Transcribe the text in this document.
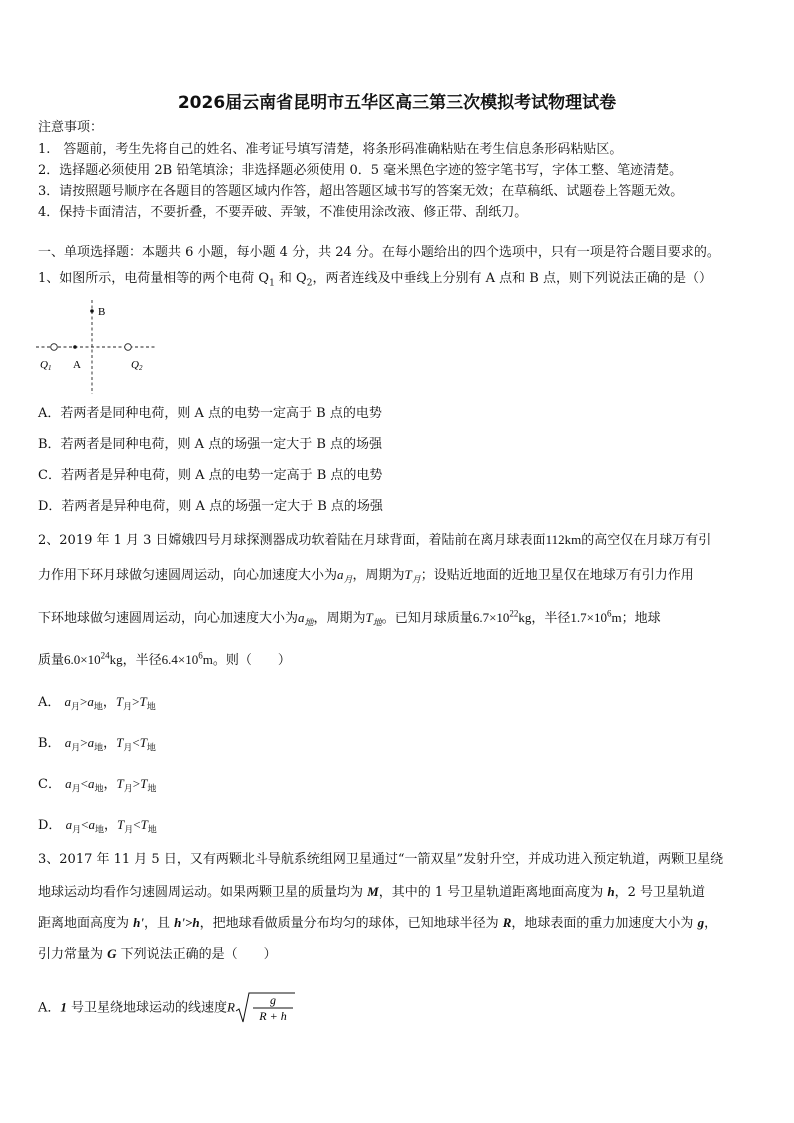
2026届云南省昆明市五华区高三第三次模拟考试物理试卷
注意事项：
1.　答题前，考生先将自己的姓名、准考证号填写清楚，将条形码准确粘贴在考生信息条形码粘贴区。
2．选择题必须使用 2B 铅笔填涂；非选择题必须使用 0．5 毫米黑色字迹的签字笔书写，字体工整、笔迹清楚。
3．请按照题号顺序在各题目的答题区域内作答，超出答题区域书写的答案无效；在草稿纸、试题卷上答题无效。
4．保持卡面清洁，不要折叠，不要弄破、弄皱，不准使用涂改液、修正带、刮纸刀。
一、单项选择题：本题共 6 小题，每小题 4 分，共 24 分。在每小题给出的四个选项中，只有一项是符合题目要求的。
1、如图所示，电荷量相等的两个电荷 $Q_1$ 和 $Q_2$，两者连线及中垂线上分别有 A 点和 B 点，则下列说法正确的是（）
B
Q1 A	Q2
A．若两者是同种电荷，则 A 点的电势一定高于 B 点的电势
B．若两者是同种电荷，则 A 点的场强一定大于 B 点的场强
C．若两者是异种电荷，则 A 点的电势一定高于 B 点的电势
D．若两者是异种电荷，则 A 点的场强一定大于 B 点的场强
2、2019 年 1 月 3 日嫦娥四号月球探测器成功软着陆在月球背面，着陆前在离月球表面112km的高空仅在月球万有引
力作用下环月球做匀速圆周运动，向心加速度大小为$a_月$，周期为$T_月$；设贴近地面的近地卫星仅在地球万有引力作用
下环地球做匀速圆周运动，向心加速度大小为$a_地$，周期为$T_地$。已知月球质量$6.7\times 10^{22}kg$，半径$1.7\times 10^6m$；地球
质量$6.0\times 10^{24}kg$，半径$6.4\times 10^6m$。则（　　）
A． $a_月>a_地$，$T_月>T_地$
B． $a_月>a_地$，$T_月<T_地$
C． $a_月<a_地$，$T_月>T_地$
D． $a_月<a_地$，$T_月<T_地$
3、2017 年 11 月 5 日，又有两颗北斗导航系统组网卫星通过“一箭双星”发射升空，并成功进入预定轨道，两颗卫星绕
地球运动均看作匀速圆周运动。如果两颗卫星的质量均为 M，其中的 1 号卫星轨道距离地面高度为 h，2 号卫星轨道
距离地面高度为 h'，且 h'>h，把地球看做质量分布均匀的球体，已知地球半径为 R，地球表面的重力加速度大小为 g，
引力常量为 G 下列说法正确的是（　　）
A．1 号卫星绕地球运动的线速度R	g
R + h
